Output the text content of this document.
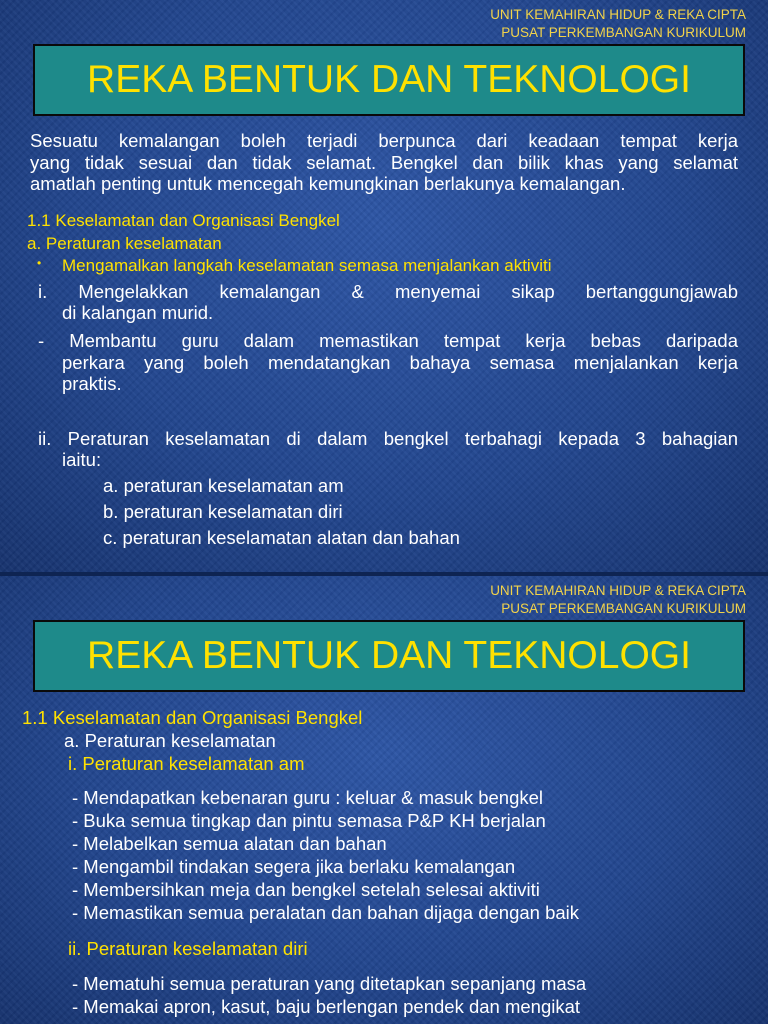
UNIT KEMAHIRAN HIDUP & REKA CIPTA
PUSAT PERKEMBANGAN KURIKULUM
REKA BENTUK DAN TEKNOLOGI
Sesuatu kemalangan boleh terjadi berpunca dari keadaan tempat kerja
yang tidak sesuai dan tidak selamat. Bengkel dan bilik khas yang selamat
amatlah penting untuk mencegah kemungkinan berlakunya kemalangan.
1.1 Keselamatan dan Organisasi Bengkel
a. Peraturan keselamatan
• Mengamalkan langkah keselamatan semasa menjalankan aktiviti
i. Mengelakkan kemalangan & menyemai sikap bertanggungjawab
di kalangan murid.
- Membantu guru dalam memastikan tempat kerja bebas daripada
perkara yang boleh mendatangkan bahaya semasa menjalankan kerja
praktis.
ii. Peraturan keselamatan di dalam bengkel terbahagi kepada 3 bahagian
iaitu:
a. peraturan keselamatan am
b. peraturan keselamatan diri
c. peraturan keselamatan alatan dan bahan
UNIT KEMAHIRAN HIDUP & REKA CIPTA
PUSAT PERKEMBANGAN KURIKULUM
REKA BENTUK DAN TEKNOLOGI
1.1 Keselamatan dan Organisasi Bengkel
a. Peraturan keselamatan
i. Peraturan keselamatan am
- Mendapatkan kebenaran guru : keluar & masuk bengkel
- Buka semua tingkap dan pintu semasa P&P KH berjalan
- Melabelkan semua alatan dan bahan
- Mengambil tindakan segera jika berlaku kemalangan
- Membersihkan meja dan bengkel setelah selesai aktiviti
- Memastikan semua peralatan dan bahan dijaga dengan baik
ii. Peraturan keselamatan diri
- Mematuhi semua peraturan yang ditetapkan sepanjang masa
- Memakai apron, kasut, baju berlengan pendek dan mengikat
